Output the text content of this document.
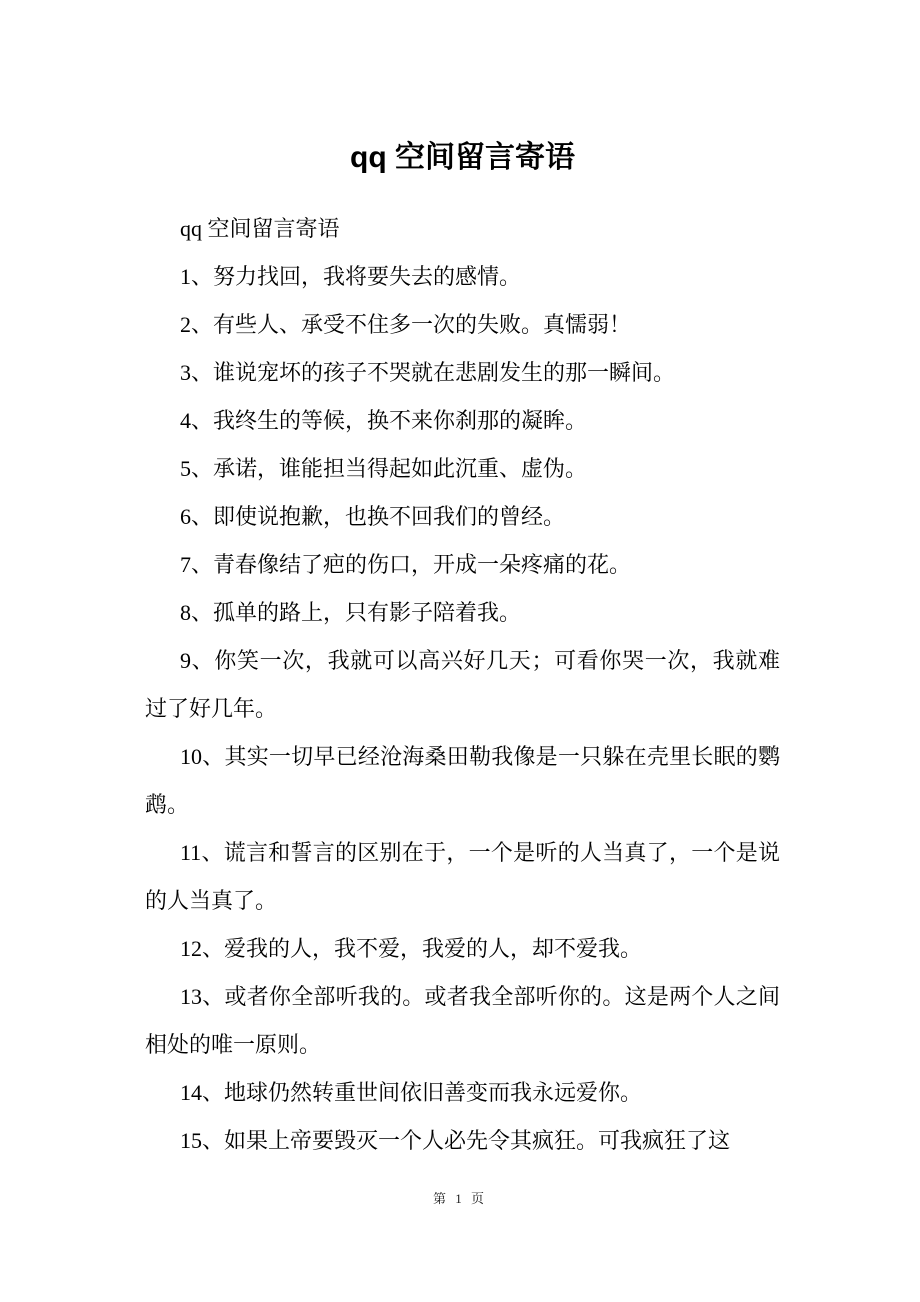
qq 空间留言寄语

qq 空间留言寄语

1、努力找回，我将要失去的感情。

2、有些人、承受不住多一次的失败。真懦弱！

3、谁说宠坏的孩子不哭就在悲剧发生的那一瞬间。

4、我终生的等候，换不来你刹那的凝眸。

5、承诺，谁能担当得起如此沉重、虚伪。

6、即使说抱歉，也换不回我们的曾经。

7、青春像结了疤的伤口，开成一朵疼痛的花。

8、孤单的路上，只有影子陪着我。

9、你笑一次，我就可以高兴好几天；可看你哭一次，我就难过了好几年。

10、其实一切早已经沧海桑田勒我像是一只躲在壳里长眠的鹦鹉。

11、谎言和誓言的区别在于，一个是听的人当真了，一个是说的人当真了。

12、爱我的人，我不爱，我爱的人，却不爱我。

13、或者你全部听我的。或者我全部听你的。这是两个人之间相处的唯一原则。

14、地球仍然转重世间依旧善变而我永远爱你。

15、如果上帝要毁灭一个人必先令其疯狂。可我疯狂了这

第 1 页
